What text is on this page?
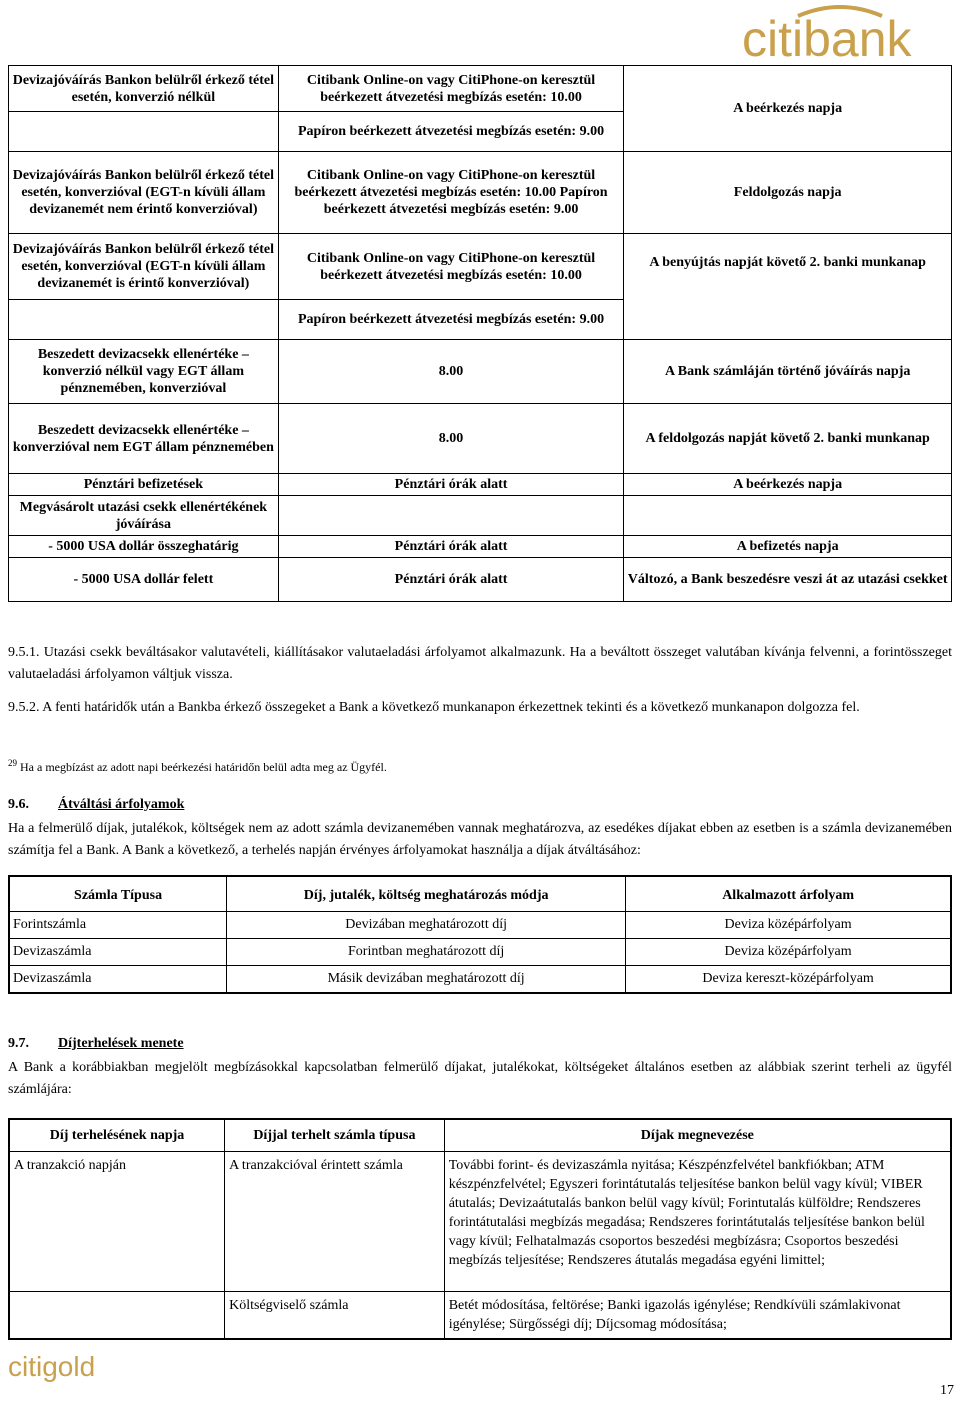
citibank
Devizajóváírás Bankon belülről érkező tétel esetén, konverzió nélkül	Citibank Online-on vagy CitiPhone-on keresztül beérkezett átvezetési megbízás esetén: 10.00	A beérkezés napja
	Papíron beérkezett átvezetési megbízás esetén: 9.00	
Devizajóváírás Bankon belülről érkező tétel esetén, konverzióval (EGT-n kívüli állam devizanemét nem érintő konverzióval)	Citibank Online-on vagy CitiPhone-on keresztül beérkezett átvezetési megbízás esetén: 10.00 Papíron beérkezett átvezetési megbízás esetén: 9.00	Feldolgozás napja
Devizajóváírás Bankon belülről érkező tétel esetén, konverzióval (EGT-n kívüli állam devizanemét is érintő konverzióval)	Citibank Online-on vagy CitiPhone-on keresztül beérkezett átvezetési megbízás esetén: 10.00	A benyújtás napját követő 2. banki munkanap
	Papíron beérkezett átvezetési megbízás esetén: 9.00	
Beszedett devizacsekk ellenértéke – konverzió nélkül vagy EGT állam pénznemében, konverzióval	8.00	A Bank számláján történő jóváírás napja
Beszedett devizacsekk ellenértéke – konverzióval nem EGT állam pénznemében	8.00	A feldolgozás napját követő 2. banki munkanap
Pénztári befizetések	Pénztári órák alatt	A beérkezés napja
Megvásárolt utazási csekk ellenértékének jóváírása		
- 5000 USA dollár összeghatárig	Pénztári órák alatt	A befizetés napja
- 5000 USA dollár felett	Pénztári órák alatt	Változó, a Bank beszedésre veszi át az utazási csekket

9.5.1. Utazási csekk beváltásakor valutavételi, kiállításakor valutaeladási árfolyamot alkalmazunk. Ha a beváltott összeget valutában kívánja felvenni, a forintösszeget valutaeladási árfolyamon váltjuk vissza.

9.5.2. A fenti határidők után a Bankba érkező összegeket a Bank a következő munkanapon érkezettnek tekinti és a következő munkanapon dolgozza fel.

$^{29}$ Ha a megbízást az adott napi beérkezési határidőn belül adta meg az Ügyfél.

9.6. Átváltási árfolyamok

Ha a felmerülő díjak, jutalékok, költségek nem az adott számla devizanemében vannak meghatározva, az esedékes díjakat ebben az esetben is a számla devizanemében számítja fel a Bank. A Bank a következő, a terhelés napján érvényes árfolyamokat használja a díjak átváltásához:

Számla Típusa	Díj, jutalék, költség meghatározás módja	Alkalmazott árfolyam
Forintszámla	Devizában meghatározott díj	Deviza középárfolyam
Devizaszámla	Forintban meghatározott díj	Deviza középárfolyam
Devizaszámla	Másik devizában meghatározott díj	Deviza kereszt-középárfolyam
9.7. Díjterhelések menete

A Bank a korábbiakban megjelölt megbízásokkal kapcsolatban felmerülő díjakat, jutalékokat, költségeket általános esetben az alábbiak szerint terheli az ügyfél számlájára:

Díj terhelésének napja	Díjjal terhelt számla típusa	Díjak megnevezése
A tranzakció napján	A tranzakcióval érintett számla	További forint- és devizaszámla nyitása; Készpénzfelvétel bankfiókban; ATM készpénzfelvétel; Egyszeri forintátutalás teljesítése bankon belül vagy kívül; VIBER átutalás; Devizaátutalás bankon belül vagy kívül; Forintutalás külföldre; Rendszeres forintátutalási megbízás megadása; Rendszeres forintátutalás teljesítése bankon belül vagy kívül; Felhatalmazás csoportos beszedési megbízásra; Csoportos beszedési megbízás teljesítése; Rendszeres átutalás megadása egyéni limittel;
	Költségviselő számla	Betét módosítása, feltörése; Banki igazolás igénylése; Rendkívüli számlakivonat igénylése; Sürgősségi díj; Díjcsomag módosítása;
citigold
17
